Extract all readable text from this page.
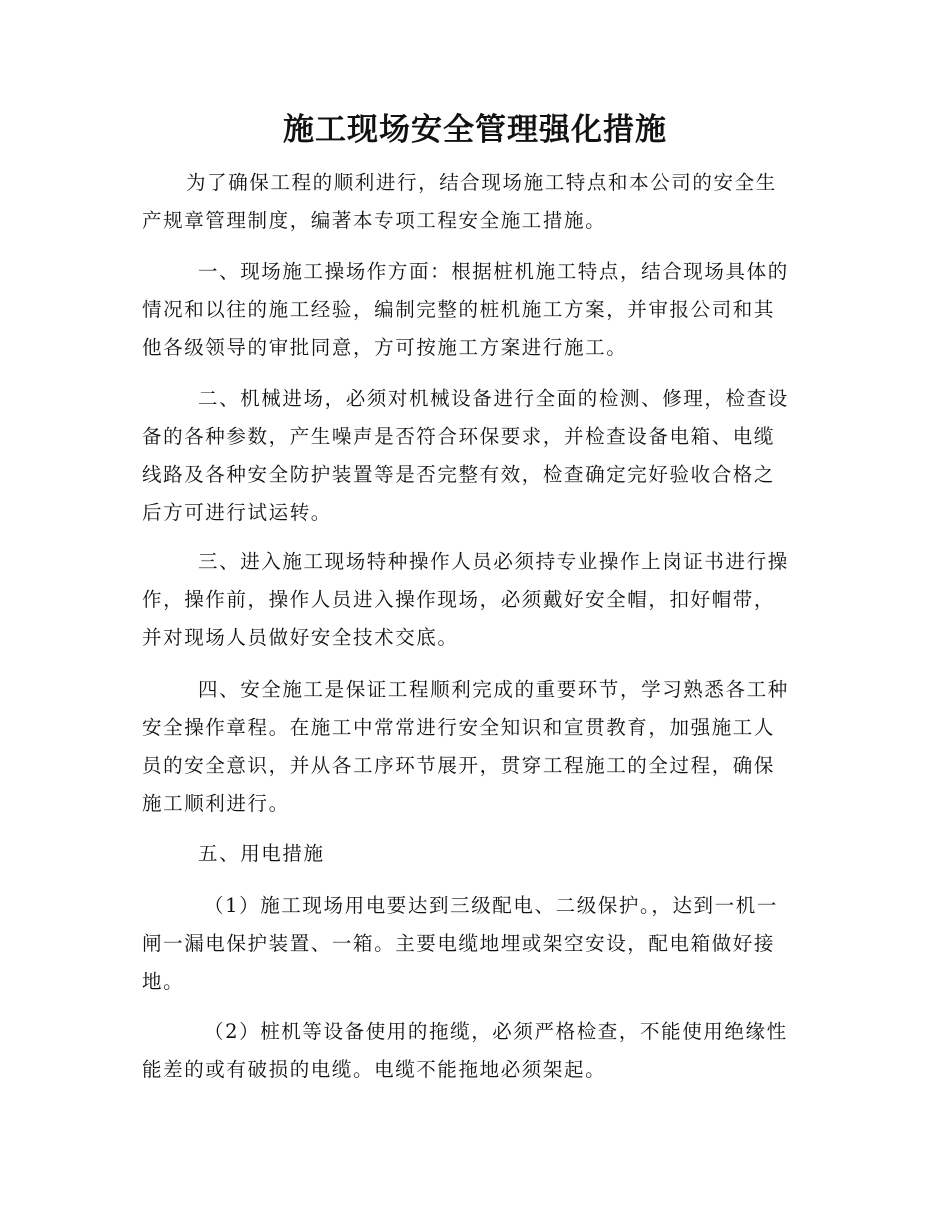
施工现场安全管理强化措施
为了确保工程的顺利进行，结合现场施工特点和本公司的安全生
产规章管理制度，编著本专项工程安全施工措施。
一、现场施工操场作方面：根据桩机施工特点，结合现场具体的
情况和以往的施工经验，编制完整的桩机施工方案，并审报公司和其
他各级领导的审批同意，方可按施工方案进行施工。
二、机械进场，必须对机械设备进行全面的检测、修理，检查设
备的各种参数，产生噪声是否符合环保要求，并检查设备电箱、电缆
线路及各种安全防护装置等是否完整有效，检查确定完好验收合格之
后方可进行试运转。
三、进入施工现场特种操作人员必须持专业操作上岗证书进行操
作，操作前，操作人员进入操作现场，必须戴好安全帽，扣好帽带，
并对现场人员做好安全技术交底。
四、安全施工是保证工程顺利完成的重要环节，学习熟悉各工种
安全操作章程。在施工中常常进行安全知识和宣贯教育，加强施工人
员的安全意识，并从各工序环节展开，贯穿工程施工的全过程，确保
施工顺利进行。
五、用电措施
（1）施工现场用电要达到三级配电、二级保护。，达到一机一
闸一漏电保护装置、一箱。主要电缆地埋或架空安设，配电箱做好接
地。
（2）桩机等设备使用的拖缆，必须严格检查，不能使用绝缘性
能差的或有破损的电缆。电缆不能拖地必须架起。
